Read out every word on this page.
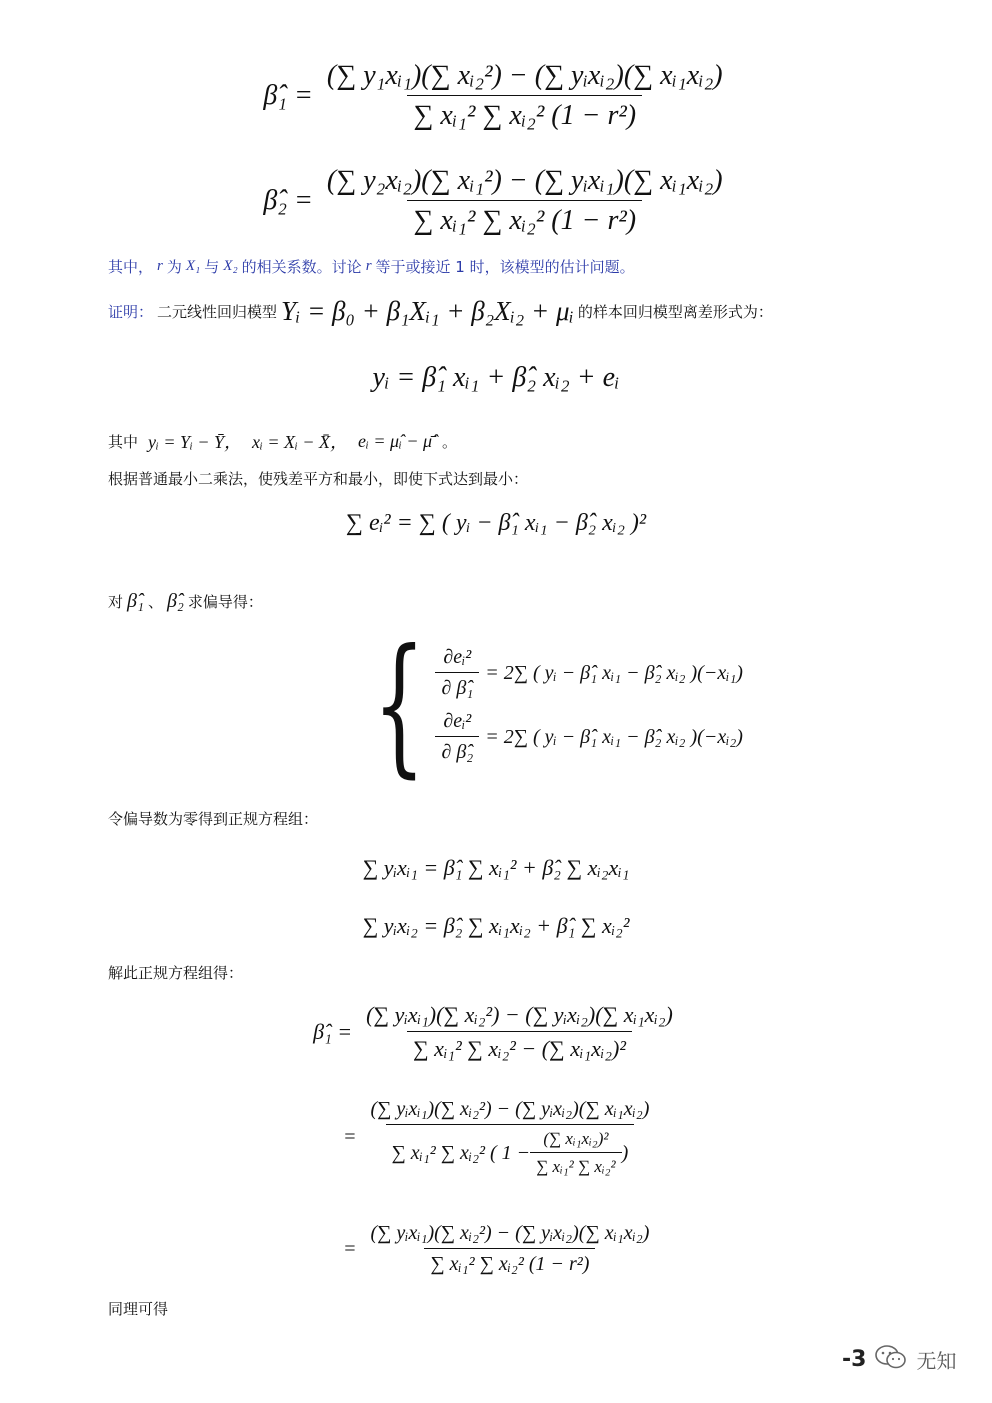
β̂₁ = $\frac{\text{(∑ y₁xᵢ₁)(∑ xᵢ₂²) − (∑ yᵢxᵢ₂)(∑ xᵢ₁xᵢ₂)}}{\text{∑ xᵢ₁² ∑ xᵢ₂² (1 − r²)}}$
β̂₂ = $\frac{\text{(∑ y₂xᵢ₂)(∑ xᵢ₁²) − (∑ yᵢxᵢ₁)(∑ xᵢ₁xᵢ₂)}}{\text{∑ xᵢ₁² ∑ xᵢ₂² (1 − r²)}}$
其中， r 为 X₁ 与 X₂ 的相关系数。讨论 r 等于或接近 1 时，该模型的估计问题。
证明： 二元线性回归模型 Yᵢ = β₀ + β₁Xᵢ₁ + β₂Xᵢ₂ + μᵢ 的样本回归模型离差形式为：
yᵢ = β̂₁ xᵢ₁ + β̂₂ xᵢ₂ + eᵢ
其中 yᵢ = Yᵢ − Ȳ， xᵢ = Xᵢ − X̄， eᵢ = μ̂ᵢ − μ̂̄ 。
根据普通最小二乘法，使残差平方和最小，即使下式达到最小：
∑ eᵢ² = ∑ ( yᵢ − β̂₁ xᵢ₁ − β̂₂ xᵢ₂ )²
对 β̂₁ 、 β̂₂ 求偏导得：
{ $\frac{\text{∂eᵢ²}}{\text{∂ β̂₁}} = 2\sum$ ( yᵢ − β̂₁ xᵢ₁ − β̂₂ xᵢ₂ )(−xᵢ₁)
$\frac{\text{∂eᵢ²}}{\text{∂ β̂₂}} = 2\sum$ ( yᵢ − β̂₁ xᵢ₁ − β̂₂ xᵢ₂ )(−xᵢ₂)
令偏导数为零得到正规方程组：
∑ yᵢxᵢ₁ = β̂₁ ∑ xᵢ₁² + β̂₂ ∑ xᵢ₂xᵢ₁
∑ yᵢxᵢ₂ = β̂₂ ∑ xᵢ₁xᵢ₂ + β̂₁ ∑ xᵢ₂²
解此正规方程组得：
β̂₁ = $\frac{\text{(∑ yᵢxᵢ₁)(∑ xᵢ₂²) − (∑ yᵢxᵢ₂)(∑ xᵢ₁xᵢ₂)}}{\text{∑ xᵢ₁² ∑ xᵢ₂² − (∑ xᵢ₁xᵢ₂)²}}$
=
(∑ yᵢxᵢ₁)(∑ xᵢ₂²) − (∑ yᵢxᵢ₂)(∑ xᵢ₁xᵢ₂)
∑ xᵢ₁² ∑ xᵢ₂² ( $1 - \frac{\text{(∑ xᵢ₁xᵢ₂)²}}{\text{∑ xᵢ₁² ∑ xᵢ₂²}}$ )
= $\frac{\text{(∑ yᵢxᵢ₁)(∑ xᵢ₂²) − (∑ yᵢxᵢ₂)(∑ xᵢ₁xᵢ₂)}}{\text{∑ xᵢ₁² ∑ xᵢ₂² (1 − r²)}}$
同理可得
-3	无知
